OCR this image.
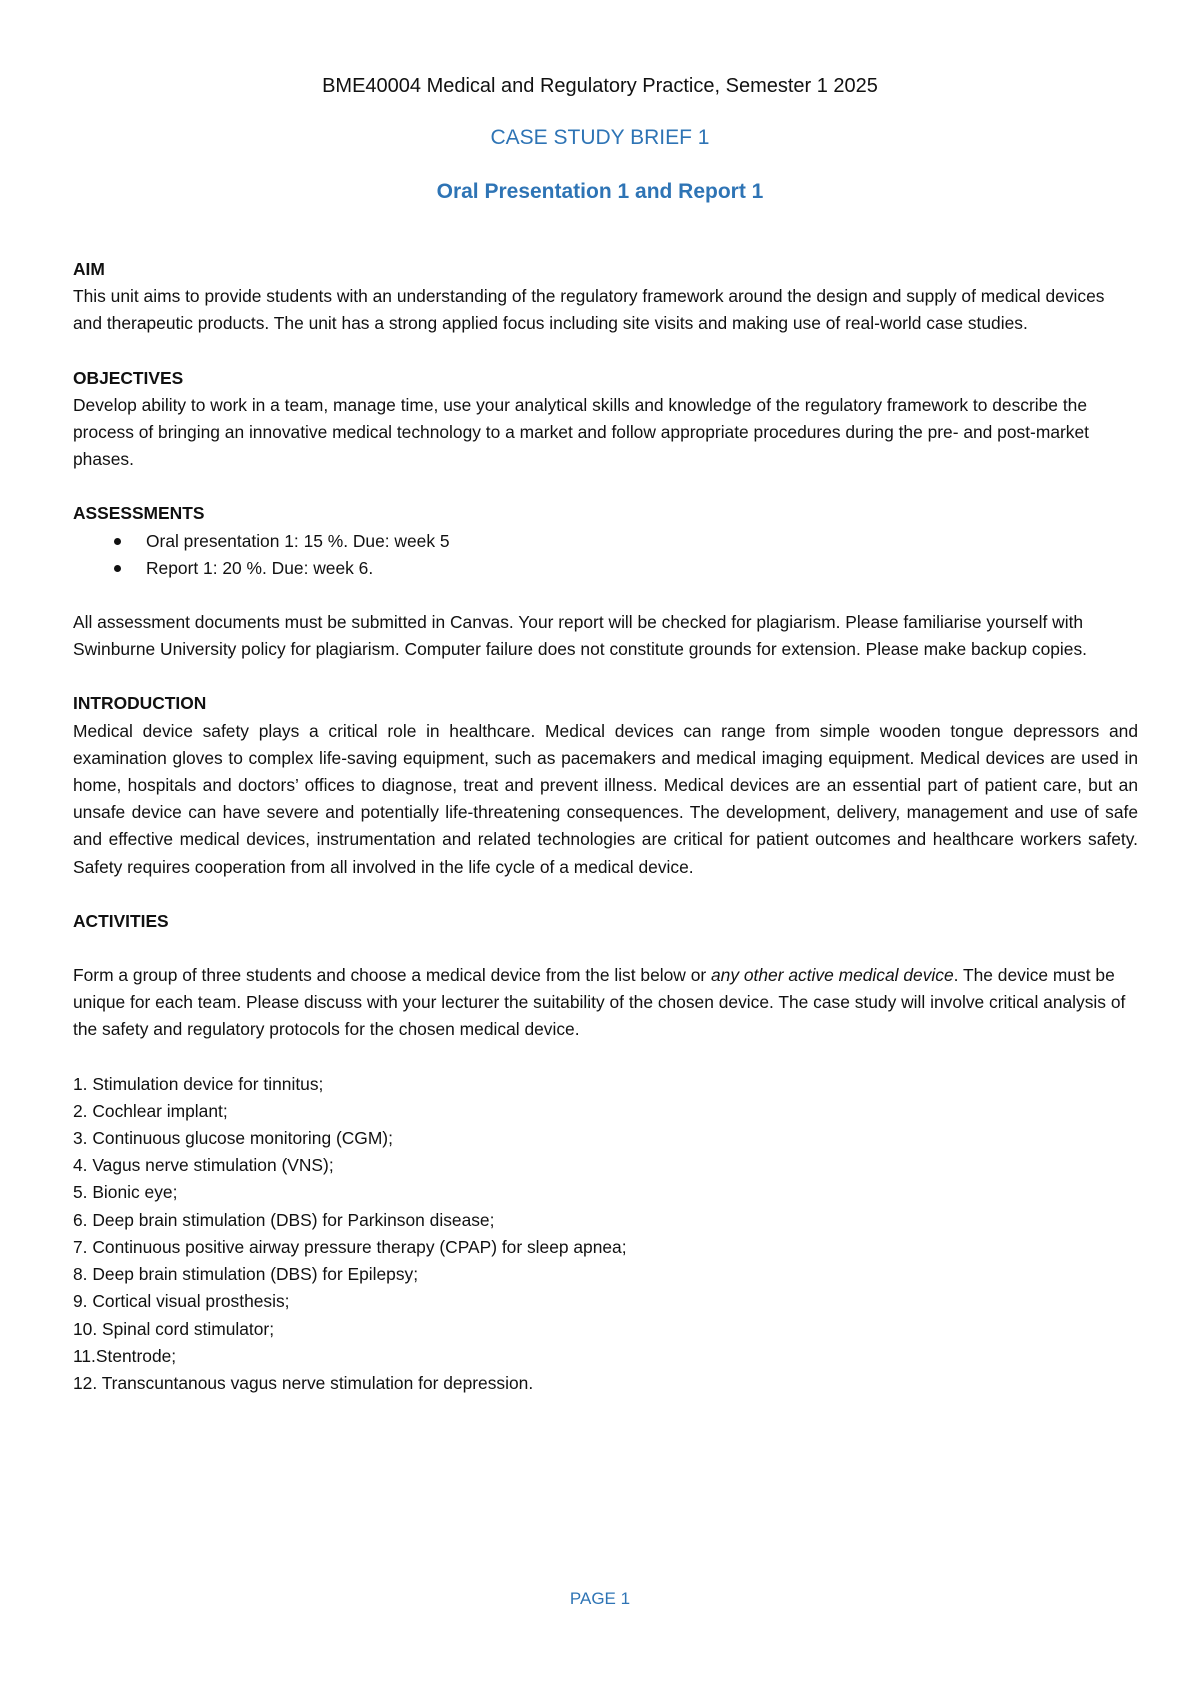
BME40004 Medical and Regulatory Practice, Semester 1 2025
CASE STUDY BRIEF 1
Oral Presentation 1 and Report 1

AIM

This unit aims to provide students with an understanding of the regulatory framework around the design and supply of medical devices and therapeutic products. The unit has a strong applied focus including site visits and making use of real-world case studies.

OBJECTIVES

Develop ability to work in a team, manage time, use your analytical skills and knowledge of the regulatory framework to describe the process of bringing an innovative medical technology to a market and follow appropriate procedures during the pre- and post-market phases.

ASSESSMENTS

Oral presentation 1: 15 %. Due: week 5
Report 1: 20 %. Due: week 6.

All assessment documents must be submitted in Canvas. Your report will be checked for plagiarism. Please familiarise yourself with Swinburne University policy for plagiarism. Computer failure does not constitute grounds for extension. Please make backup copies.

INTRODUCTION

Medical device safety plays a critical role in healthcare. Medical devices can range from simple wooden tongue depressors and examination gloves to complex life-saving equipment, such as pacemakers and medical imaging equipment. Medical devices are used in home, hospitals and doctors’ offices to diagnose, treat and prevent illness. Medical devices are an essential part of patient care, but an unsafe device can have severe and potentially life-threatening consequences. The development, delivery, management and use of safe and effective medical devices, instrumentation and related technologies are critical for patient outcomes and healthcare workers safety. Safety requires cooperation from all involved in the life cycle of a medical device.

ACTIVITIES

Form a group of three students and choose a medical device from the list below or any other active medical device. The device must be unique for each team. Please discuss with your lecturer the suitability of the chosen device. The case study will involve critical analysis of the safety and regulatory protocols for the chosen medical device.

1. Stimulation device for tinnitus;
2. Cochlear implant;
3. Continuous glucose monitoring (CGM);
4. Vagus nerve stimulation (VNS);
5. Bionic eye;
6. Deep brain stimulation (DBS) for Parkinson disease;
7. Continuous positive airway pressure therapy (CPAP) for sleep apnea;
8. Deep brain stimulation (DBS) for Epilepsy;
9. Cortical visual prosthesis;
10. Spinal cord stimulator;
11.Stentrode;
12. Transcuntanous vagus nerve stimulation for depression.
PAGE 1
